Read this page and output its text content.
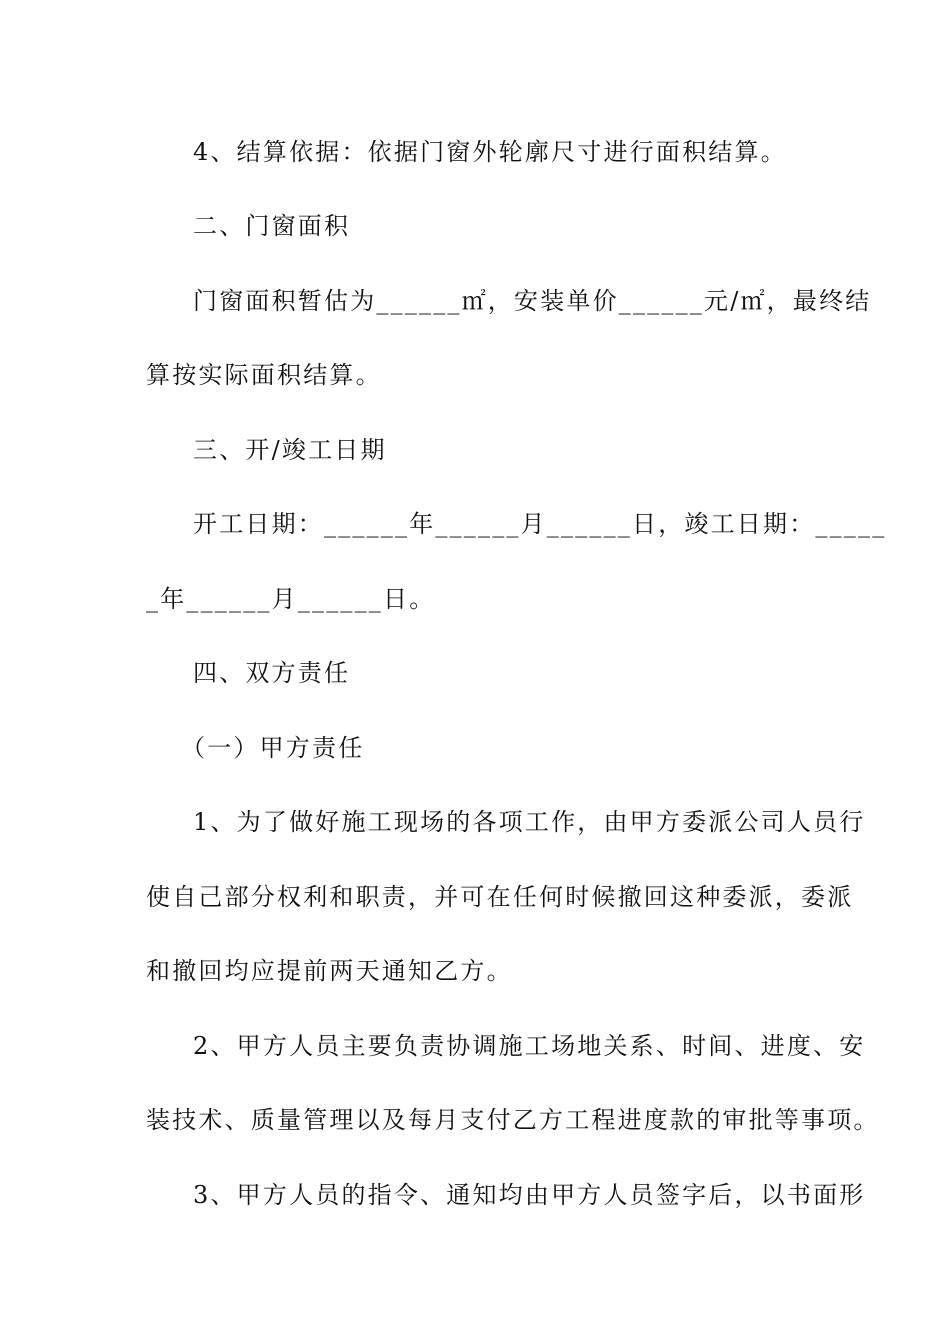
4、结算依据：依据门窗外轮廓尺寸进行面积结算。
二、门窗面积
门窗面积暂估为______㎡，安装单价______元/㎡，最终结
算按实际面积结算。
三、开/竣工日期
开工日期：______年______月______日，竣工日期：_____
_年______月______日。
四、双方责任
（一）甲方责任
1、为了做好施工现场的各项工作，由甲方委派公司人员行
使自己部分权利和职责，并可在任何时候撤回这种委派，委派
和撤回均应提前两天通知乙方。
2、甲方人员主要负责协调施工场地关系、时间、进度、安
装技术、质量管理以及每月支付乙方工程进度款的审批等事项。
3、甲方人员的指令、通知均由甲方人员签字后，以书面形
